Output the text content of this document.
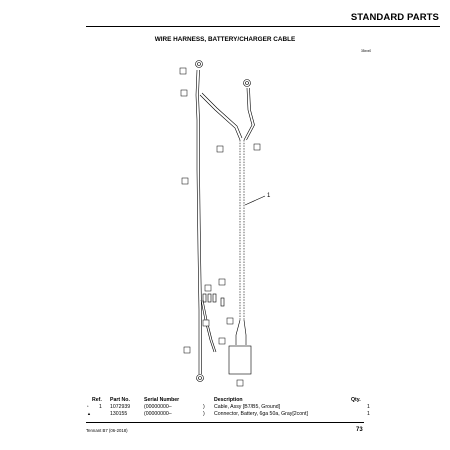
STANDARD PARTS
WIRE HARNESS, BATTERY/CHARGER CABLE
35xxx0
1
Ref. Part No.	Serial Number	Description	Qty.
* 1 1072939	(00000000–	) Cable, Assy [B7/B5, Ground]	1
▲	130155	(00000000–	) Connector, Battery, 6ga 50a, Gray[2cont]	1
Tennant B7 (06-2018)	73
